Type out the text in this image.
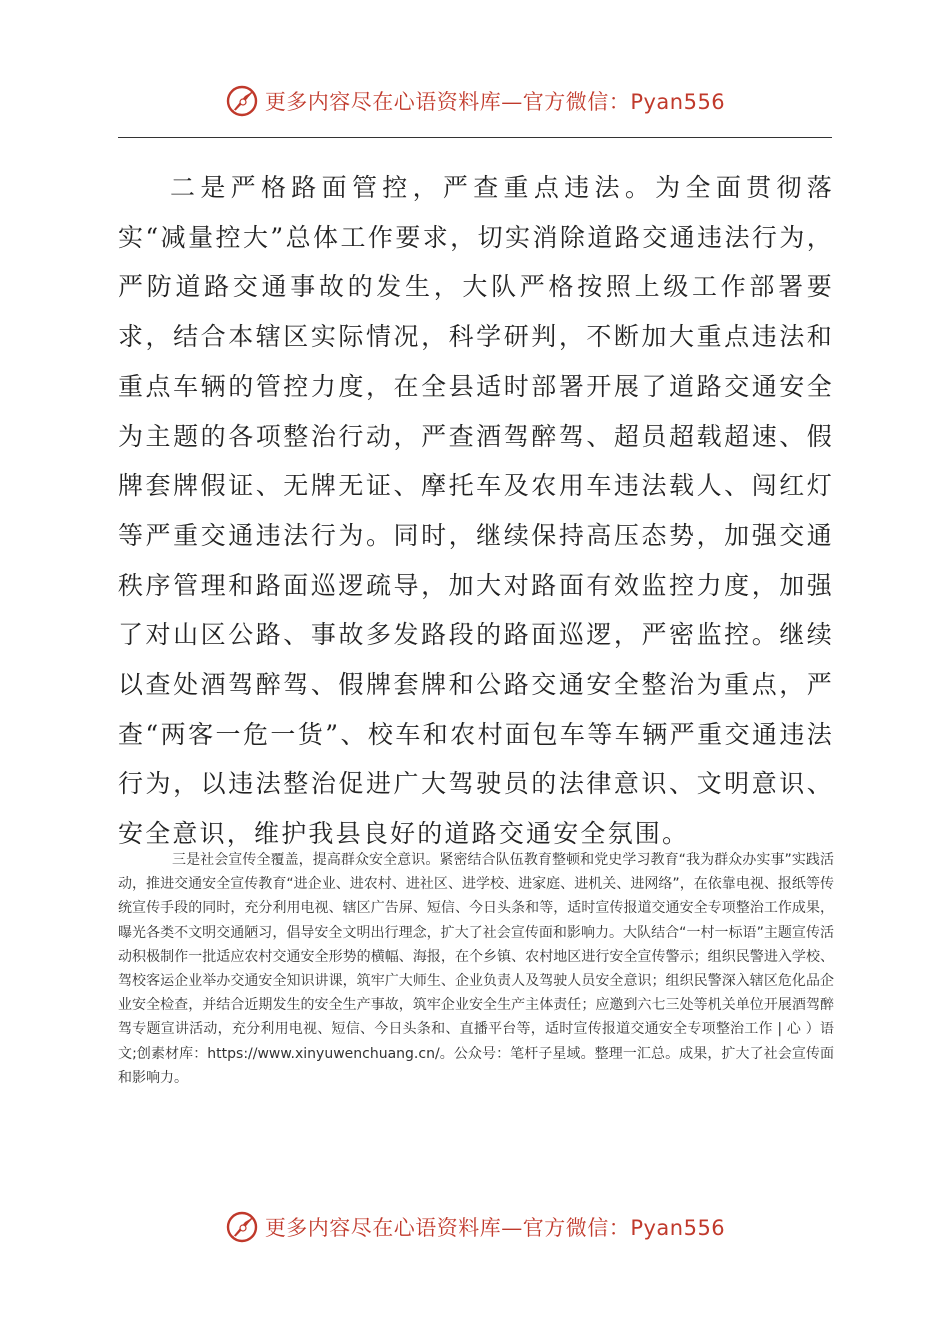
更多内容尽在心语资料库—官方微信：Pyan556

二是严格路面管控，严查重点违法。为全面贯彻落实“减量控大”总体工作要求，切实消除道路交通违法行为，严防道路交通事故的发生，大队严格按照上级工作部署要求，结合本辖区实际情况，科学研判，不断加大重点违法和重点车辆的管控力度，在全县适时部署开展了道路交通安全为主题的各项整治行动，严查酒驾醉驾、超员超载超速、假牌套牌假证、无牌无证、摩托车及农用车违法载人、闯红灯等严重交通违法行为。同时，继续保持高压态势，加强交通秩序管理和路面巡逻疏导，加大对路面有效监控力度，加强了对山区公路、事故多发路段的路面巡逻，严密监控。继续以查处酒驾醉驾、假牌套牌和公路交通安全整治为重点，严查“两客一危一货”、校车和农村面包车等车辆严重交通违法行为，以违法整治促进广大驾驶员的法律意识、文明意识、安全意识，维护我县良好的道路交通安全氛围。

三是社会宣传全覆盖，提高群众安全意识。紧密结合队伍教育整顿和党史学习教育“我为群众办实事”实践活动，推进交通安全宣传教育“进企业、进农村、进社区、进学校、进家庭、进机关、进网络”，在依靠电视、报纸等传统宣传手段的同时，充分利用电视、辖区广告屏、短信、今日头条和等，适时宣传报道交通安全专项整治工作成果，曝光各类不文明交通陋习，倡导安全文明出行理念，扩大了社会宣传面和影响力。大队结合“一村一标语”主题宣传活动积极制作一批适应农村交通安全形势的横幅、海报，在个乡镇、农村地区进行安全宣传警示；组织民警进入学校、驾校客运企业举办交通安全知识讲课，筑牢广大师生、企业负责人及驾驶人员安全意识；组织民警深入辖区危化品企业安全检查，并结合近期发生的安全生产事故，筑牢企业安全生产主体责任；应邀到六七三处等机关单位开展酒驾醉驾专题宣讲活动，充分利用电视、短信、今日头条和、直播平台等，适时宣传报道交通安全专项整治工作 | 心 ）语文;创素材库：https://www.xinyuwenchuang.cn/。公众号：笔杆子星域。整理一汇总。成果，扩大了社会宣传面和影响力。

更多内容尽在心语资料库—官方微信：Pyan556
